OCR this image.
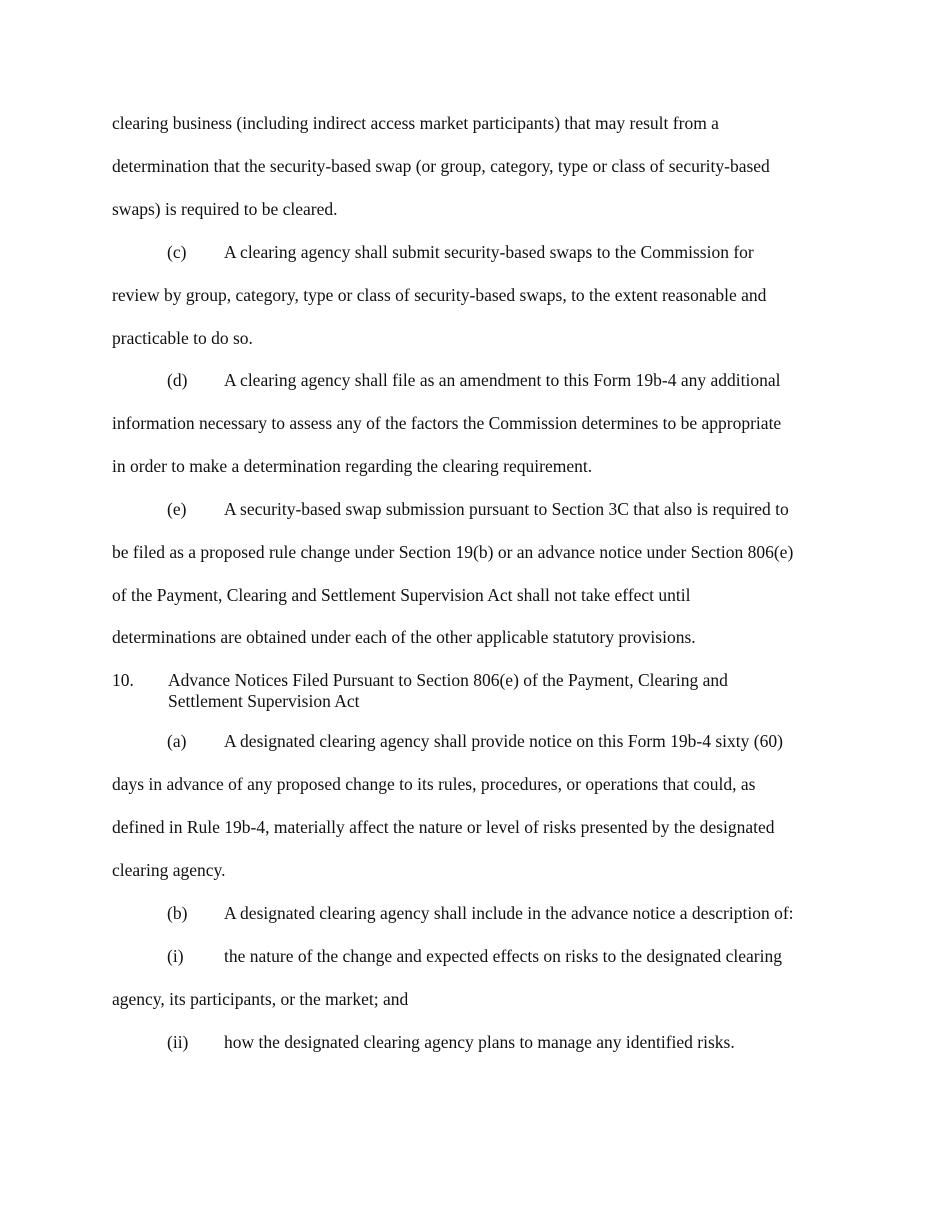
clearing business (including indirect access market participants) that may result from a
determination that the security-based swap (or group, category, type or class of security-based
swaps) is required to be cleared.
(c) A clearing agency shall submit security-based swaps to the Commission for
review by group, category, type or class of security-based swaps, to the extent reasonable and
practicable to do so.
(d) A clearing agency shall file as an amendment to this Form 19b-4 any additional
information necessary to assess any of the factors the Commission determines to be appropriate
in order to make a determination regarding the clearing requirement.
(e) A security-based swap submission pursuant to Section 3C that also is required to
be filed as a proposed rule change under Section 19(b) or an advance notice under Section 806(e)
of the Payment, Clearing and Settlement Supervision Act shall not take effect until
determinations are obtained under each of the other applicable statutory provisions.
10. Advance Notices Filed Pursuant to Section 806(e) of the Payment, Clearing and
Settlement Supervision Act
(a) A designated clearing agency shall provide notice on this Form 19b-4 sixty (60)
days in advance of any proposed change to its rules, procedures, or operations that could, as
defined in Rule 19b-4, materially affect the nature or level of risks presented by the designated
clearing agency.
(b) A designated clearing agency shall include in the advance notice a description of:
(i) the nature of the change and expected effects on risks to the designated clearing
agency, its participants, or the market; and
(ii) how the designated clearing agency plans to manage any identified risks.
